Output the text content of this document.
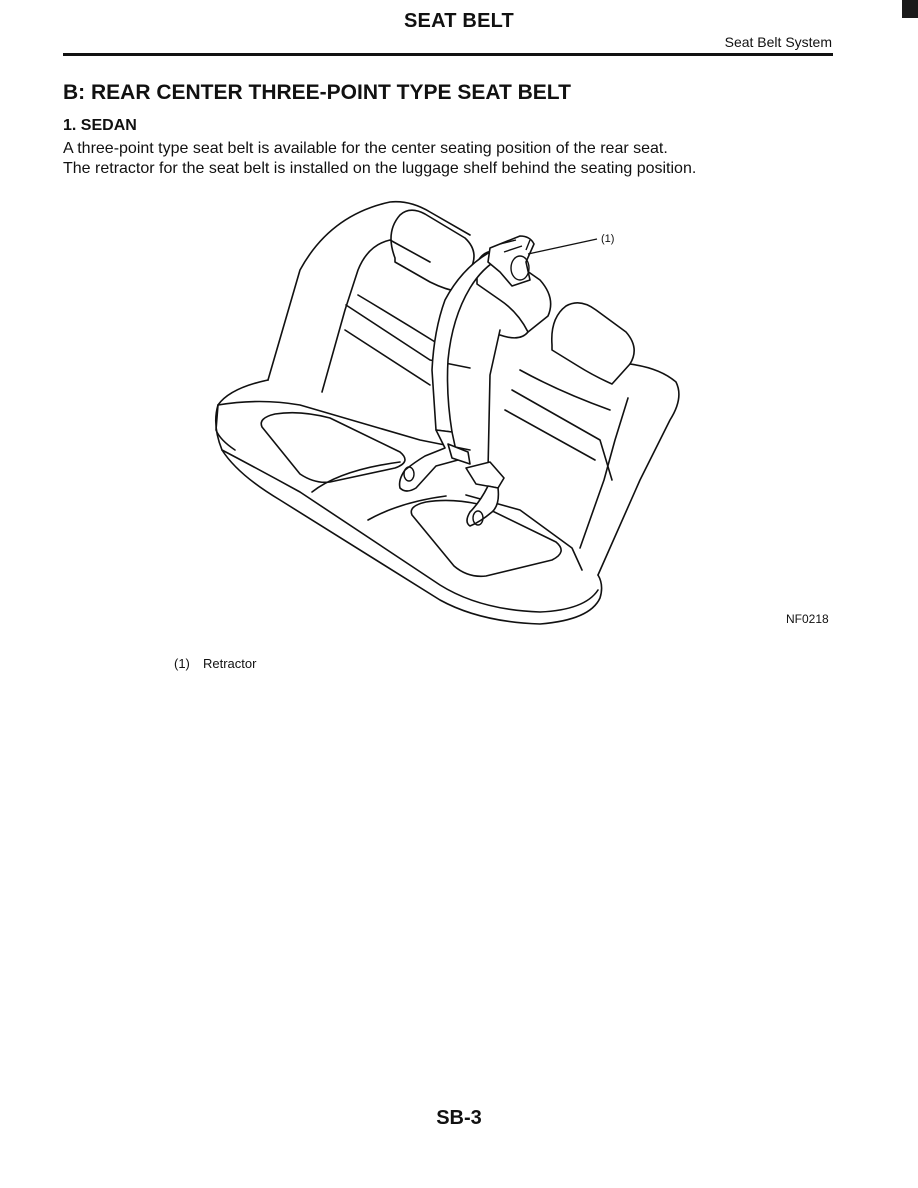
SEAT BELT
Seat Belt System
B: REAR CENTER THREE-POINT TYPE SEAT BELT
1. SEDAN

A three-point type seat belt is available for the center seating position of the rear seat.

The retractor for the seat belt is installed on the luggage shelf behind the seating position.

(1)
NF0218
(1) Retractor
SB-3
